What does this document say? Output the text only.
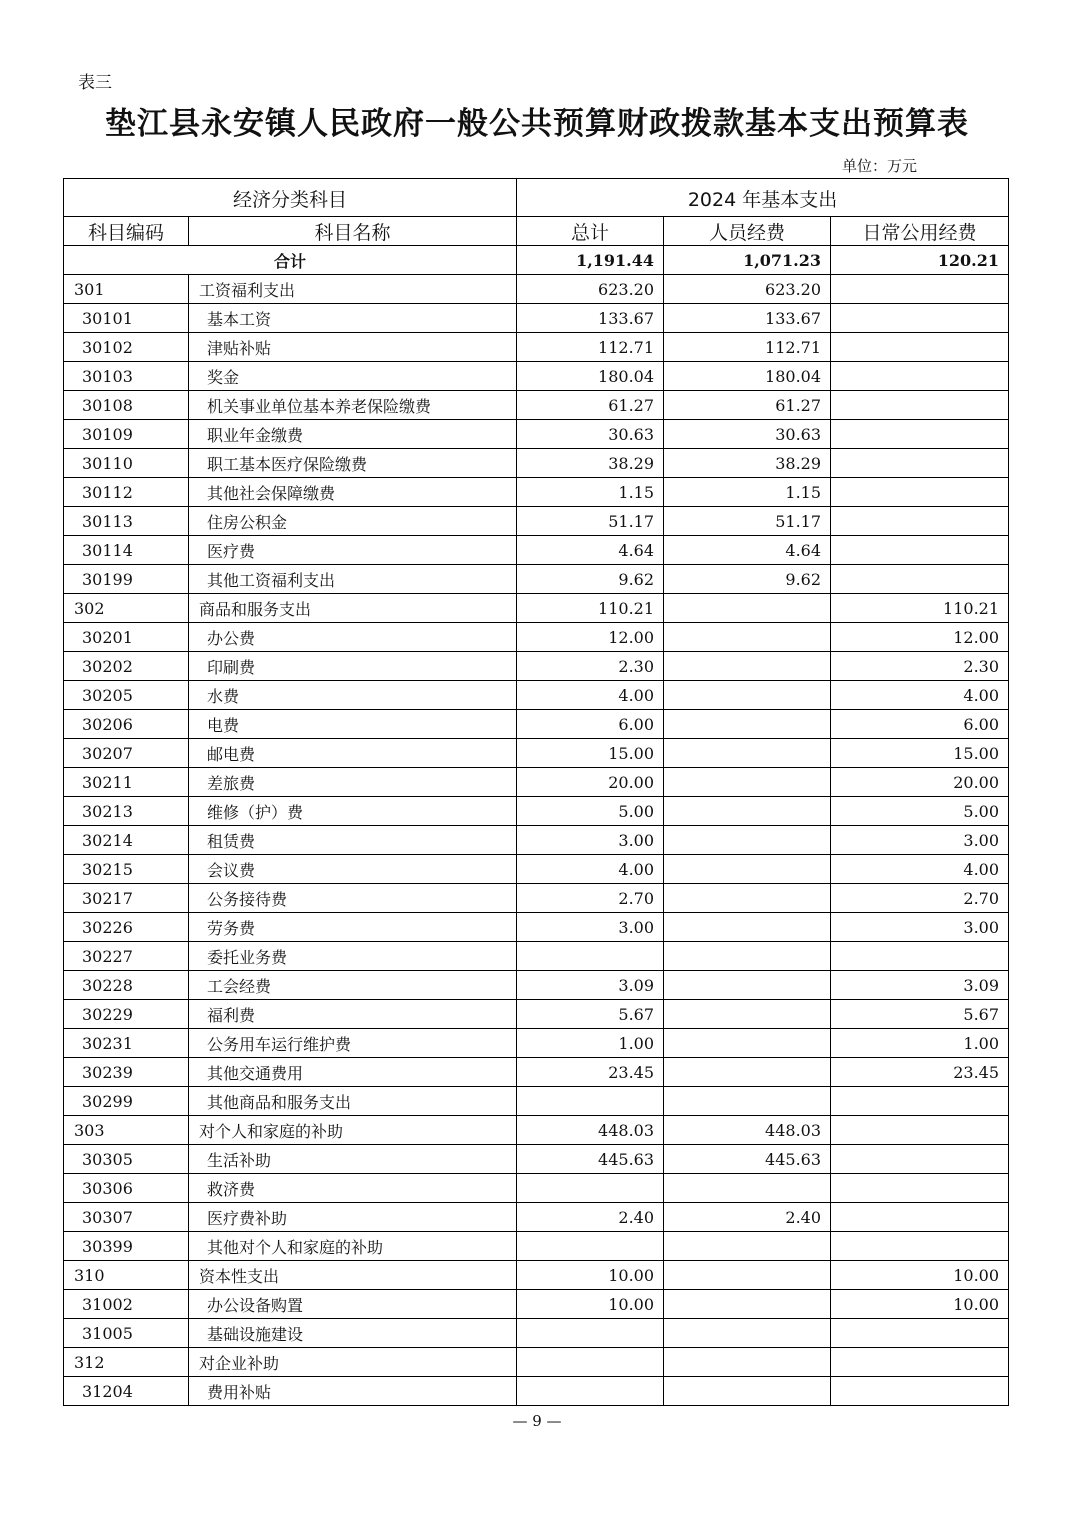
表三
垫江县永安镇人民政府一般公共预算财政拨款基本支出预算表
单位：万元
经济分类科目		2024 年基本支出		
科目编码	科目名称	总计	人员经费	日常公用经费
合计		1,191.44	1,071.23	120.21
301	工资福利支出	623.20	623.20	
30101	基本工资	133.67	133.67	
30102	津贴补贴	112.71	112.71	
30103	奖金	180.04	180.04	
30108	机关事业单位基本养老保险缴费	61.27	61.27	
30109	职业年金缴费	30.63	30.63	
30110	职工基本医疗保险缴费	38.29	38.29	
30112	其他社会保障缴费	1.15	1.15	
30113	住房公积金	51.17	51.17	
30114	医疗费	4.64	4.64	
30199	其他工资福利支出	9.62	9.62	
302	商品和服务支出	110.21		110.21
30201	办公费	12.00		12.00
30202	印刷费	2.30		2.30
30205	水费	4.00		4.00
30206	电费	6.00		6.00
30207	邮电费	15.00		15.00
30211	差旅费	20.00		20.00
30213	维修（护）费	5.00		5.00
30214	租赁费	3.00		3.00
30215	会议费	4.00		4.00
30217	公务接待费	2.70		2.70
30226	劳务费	3.00		3.00
30227	委托业务费			
30228	工会经费	3.09		3.09
30229	福利费	5.67		5.67
30231	公务用车运行维护费	1.00		1.00
30239	其他交通费用	23.45		23.45
30299	其他商品和服务支出			
303	对个人和家庭的补助	448.03	448.03	
30305	生活补助	445.63	445.63	
30306	救济费			
30307	医疗费补助	2.40	2.40	
30399	其他对个人和家庭的补助			
310	资本性支出	10.00		10.00
31002	办公设备购置	10.00		10.00
31005	基础设施建设			
312	对企业补助			
31204	费用补贴			
— 9 —
